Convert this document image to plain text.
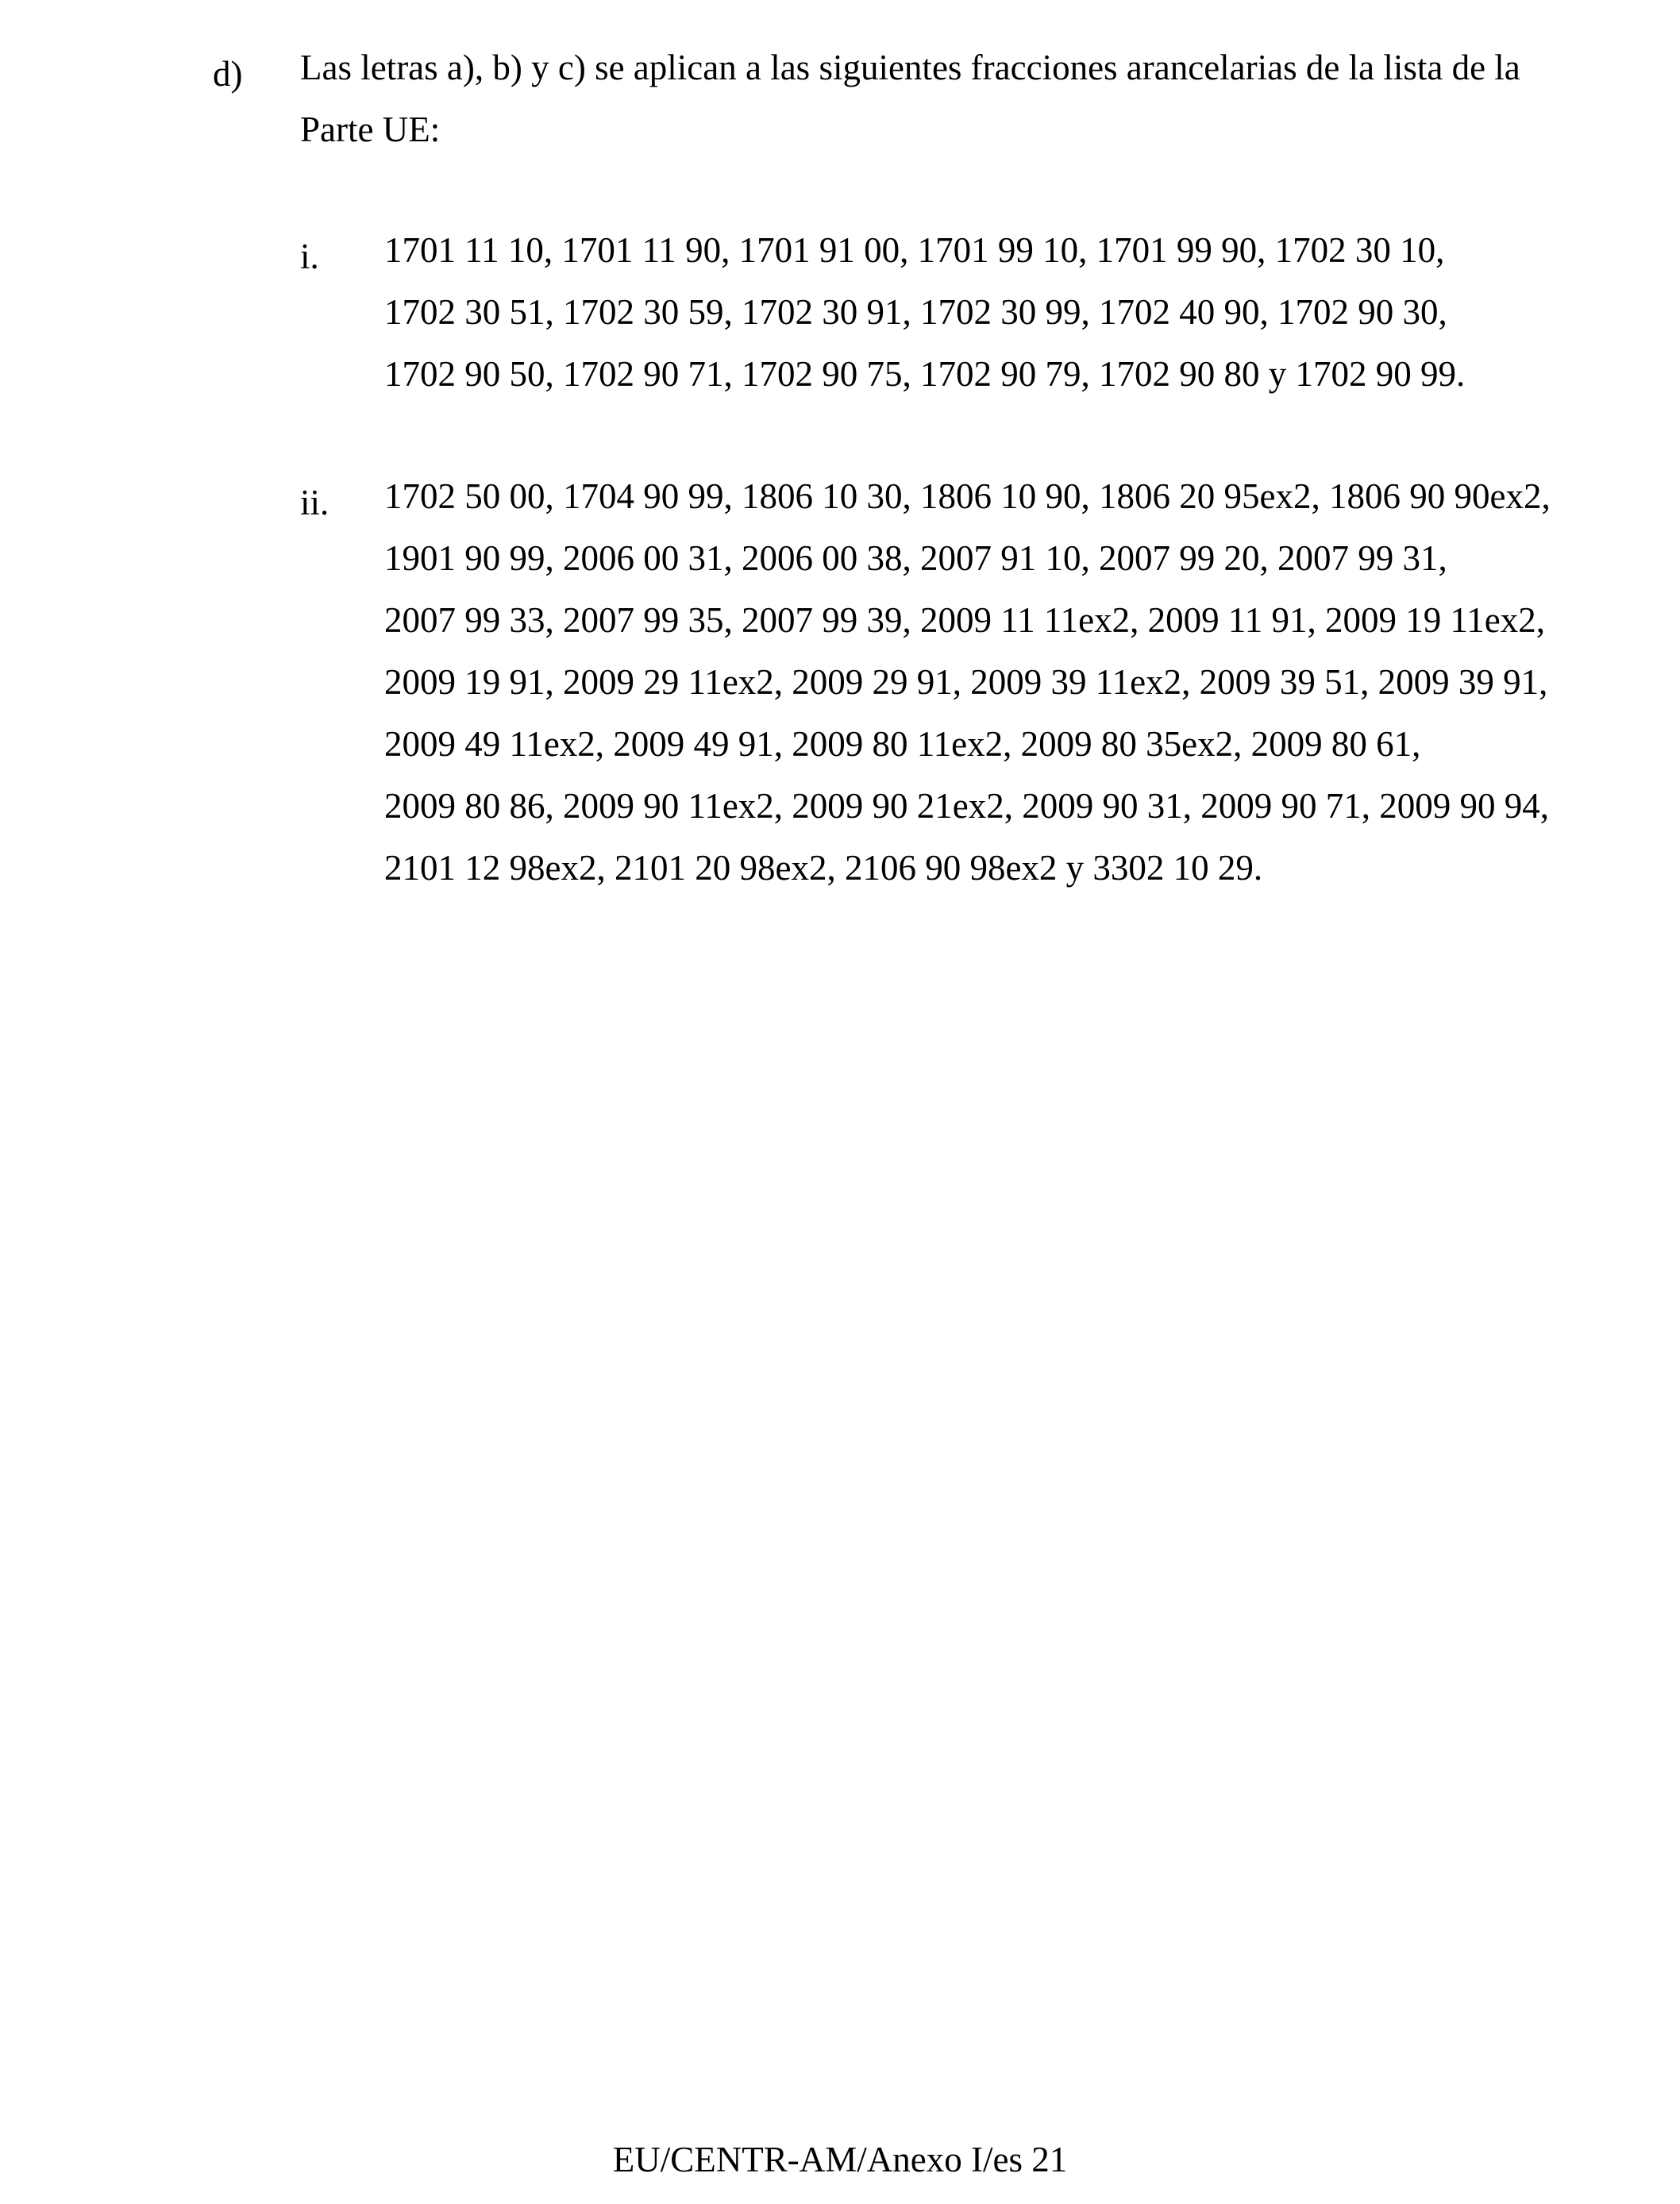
d) Las letras a), b) y c) se aplican a las siguientes fracciones arancelarias de la lista de la
Parte UE:
i. 1701 11 10, 1701 11 90, 1701 91 00, 1701 99 10, 1701 99 90, 1702 30 10,
1702 30 51, 1702 30 59, 1702 30 91, 1702 30 99, 1702 40 90, 1702 90 30,
1702 90 50, 1702 90 71, 1702 90 75, 1702 90 79, 1702 90 80 y 1702 90 99.
ii. 1702 50 00, 1704 90 99, 1806 10 30, 1806 10 90, 1806 20 95ex2, 1806 90 90ex2,
1901 90 99, 2006 00 31, 2006 00 38, 2007 91 10, 2007 99 20, 2007 99 31,
2007 99 33, 2007 99 35, 2007 99 39, 2009 11 11ex2, 2009 11 91, 2009 19 11ex2,
2009 19 91, 2009 29 11ex2, 2009 29 91, 2009 39 11ex2, 2009 39 51, 2009 39 91,
2009 49 11ex2, 2009 49 91, 2009 80 11ex2, 2009 80 35ex2, 2009 80 61,
2009 80 86, 2009 90 11ex2, 2009 90 21ex2, 2009 90 31, 2009 90 71, 2009 90 94,
2101 12 98ex2, 2101 20 98ex2, 2106 90 98ex2 y 3302 10 29.
EU/CENTR-AM/Anexo I/es 21
